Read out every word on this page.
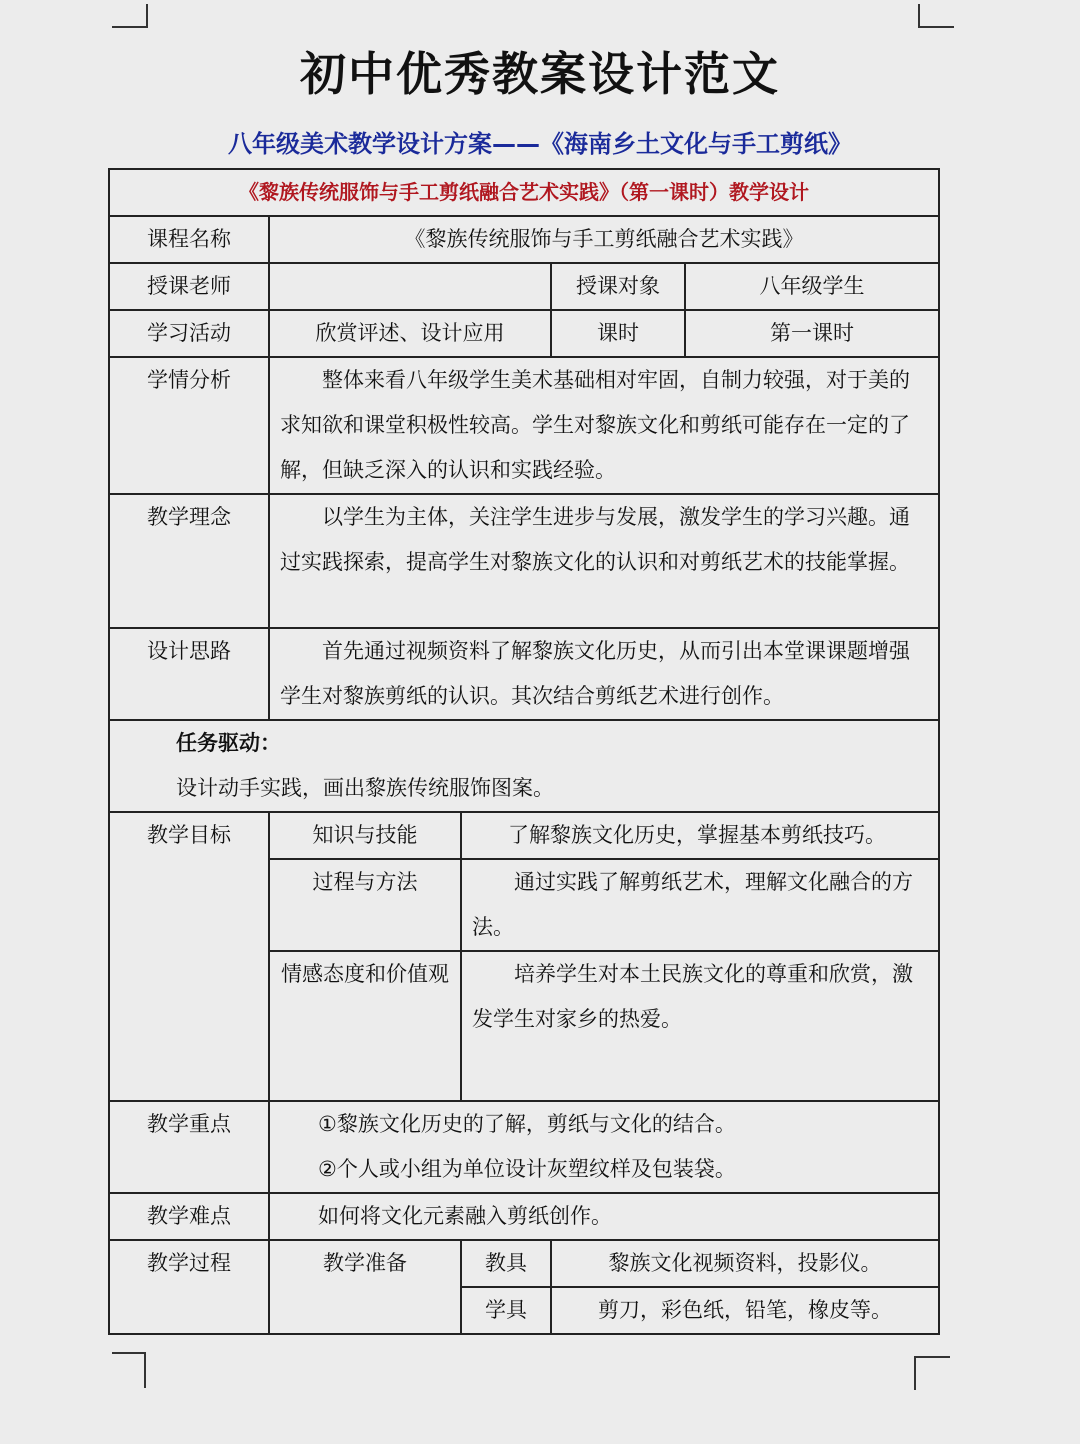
初中优秀教案设计范文
八年级美术教学设计方案——《海南乡土文化与手工剪纸》
《黎族传统服饰与手工剪纸融合艺术实践》（第一课时）教学设计				
课程名称	《黎族传统服饰与手工剪纸融合艺术实践》			
授课老师			授课对象	八年级学生
学习活动	欣赏评述、设计应用		课时	第一课时
学情分析	整体来看八年级学生美术基础相对牢固，自制力较强，对于美的求知欲和课堂积极性较高。学生对黎族文化和剪纸可能存在一定的了解，但缺乏深入的认识和实践经验。			
教学理念	以学生为主体，关注学生进步与发展，激发学生的学习兴趣。通过实践探索，提高学生对黎族文化的认识和对剪纸艺术的技能掌握。			
设计思路	首先通过视频资料了解黎族文化历史，从而引出本堂课课题增强学生对黎族剪纸的认识。其次结合剪纸艺术进行创作。			

任务驱动：
设计动手实践，画出黎族传统服饰图案。				

教学目标	知识与技能	了解黎族文化历史，掌握基本剪纸技巧。		
	过程与方法	通过实践了解剪纸艺术，理解文化融合的方法。		
	情感态度和价值观	培养学生对本土民族文化的尊重和欣赏，激发学生对家乡的热爱。		
教学重点	①黎族文化历史的了解，剪纸与文化的结合。
②个人或小组为单位设计灰塑纹样及包装袋。			

教学难点	如何将文化元素融入剪纸创作。			
教学过程	教学准备	教具	黎族文化视频资料，投影仪。	
		学具	剪刀，彩色纸，铅笔，橡皮等。	
